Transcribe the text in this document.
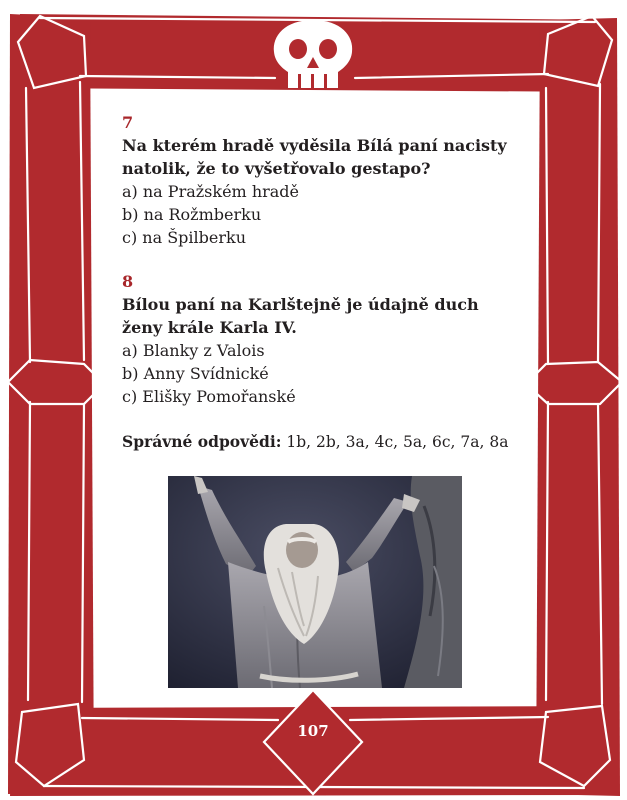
7

Na kterém hradě vyděsila Bílá paní nacisty natolik, že to vyšetřovalo gestapo?

a) na Pražském hradě

b) na Rožmberku

c) na Špilberku

8

Bílou paní na Karlštejně je údajně duch ženy krále Karla IV.

a) Blanky z Valois

b) Anny Svídnické

c) Elišky Pomořanské

Správné odpovědi: 1b, 2b, 3a, 4c, 5a, 6c, 7a, 8a
107
